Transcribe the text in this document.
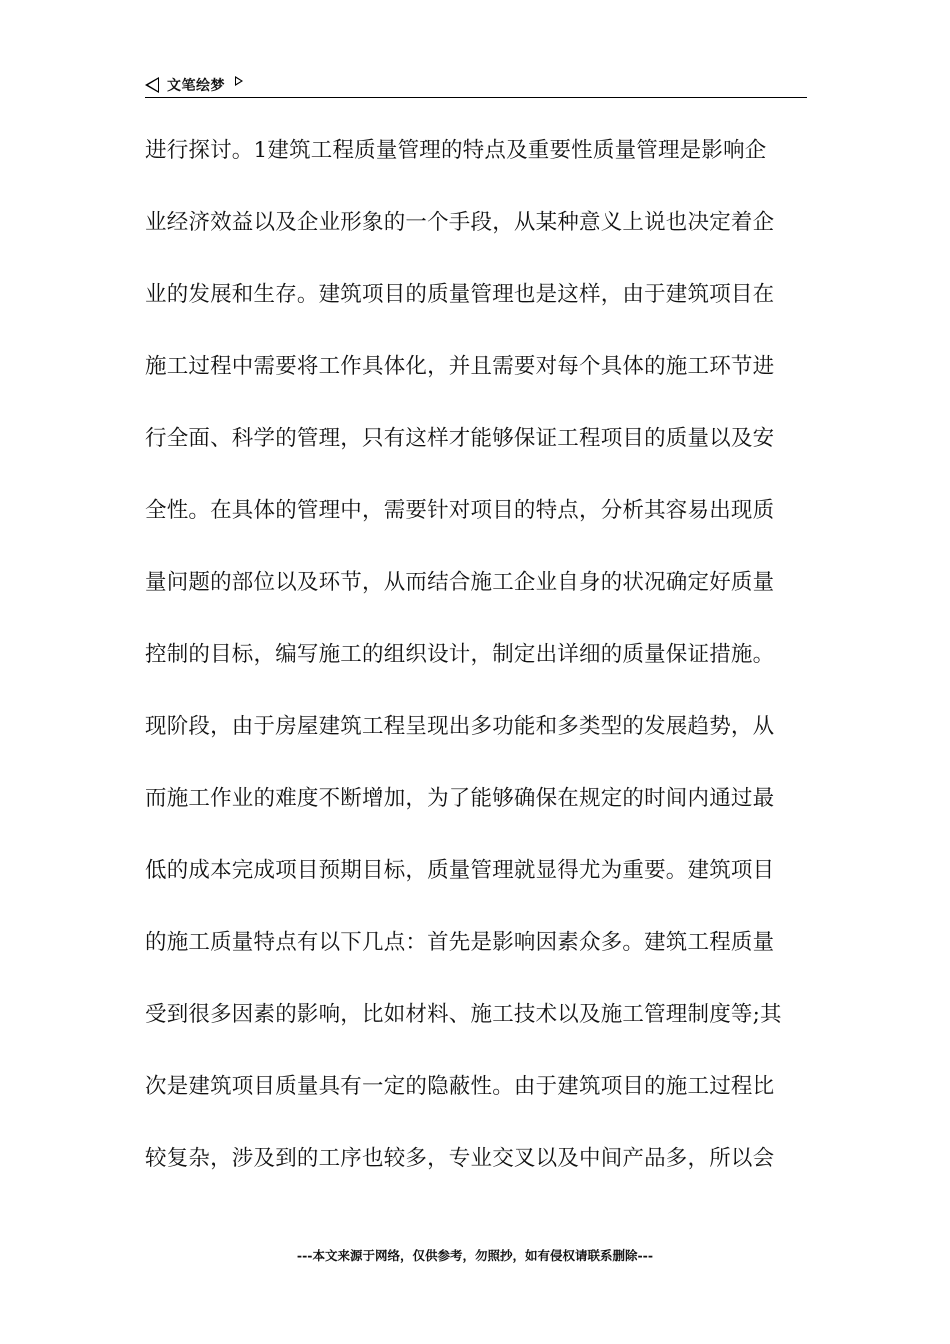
文笔绘梦
进行探讨。1建筑工程质量管理的特点及重要性质量管理是影响企
业经济效益以及企业形象的一个手段，从某种意义上说也决定着企
业的发展和生存。建筑项目的质量管理也是这样，由于建筑项目在
施工过程中需要将工作具体化，并且需要对每个具体的施工环节进
行全面、科学的管理，只有这样才能够保证工程项目的质量以及安
全性。在具体的管理中，需要针对项目的特点，分析其容易出现质
量问题的部位以及环节，从而结合施工企业自身的状况确定好质量
控制的目标，编写施工的组织设计，制定出详细的质量保证措施。
现阶段，由于房屋建筑工程呈现出多功能和多类型的发展趋势，从
而施工作业的难度不断增加，为了能够确保在规定的时间内通过最
低的成本完成项目预期目标，质量管理就显得尤为重要。建筑项目
的施工质量特点有以下几点：首先是影响因素众多。建筑工程质量
受到很多因素的影响，比如材料、施工技术以及施工管理制度等;其
次是建筑项目质量具有一定的隐蔽性。由于建筑项目的施工过程比
较复杂，涉及到的工序也较多，专业交叉以及中间产品多，所以会
---本文来源于网络，仅供参考，勿照抄，如有侵权请联系删除---
